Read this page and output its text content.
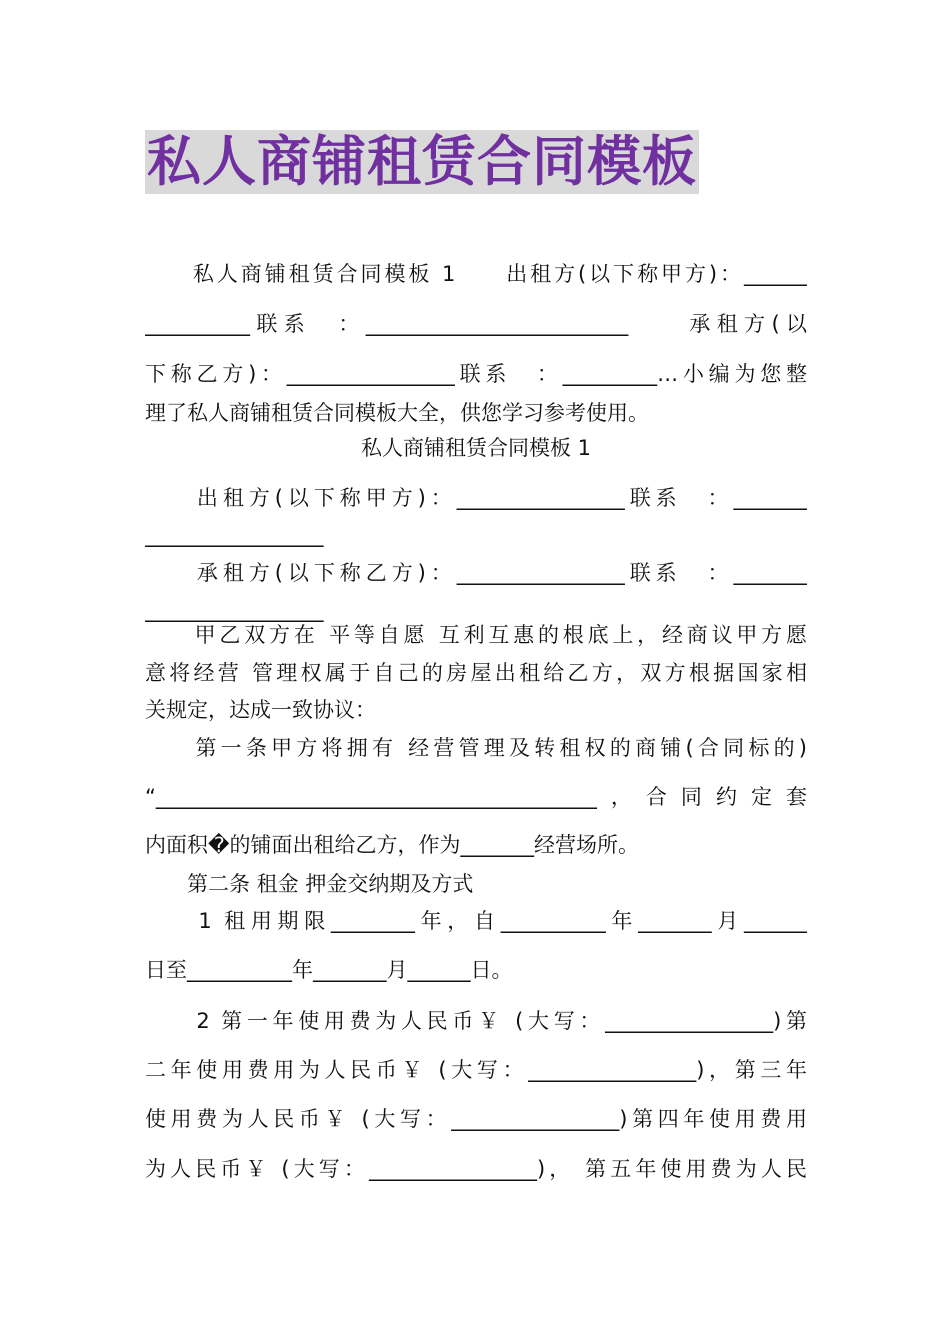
私人商铺租赁合同模板

　　私人商铺租赁合同模板 1　　出租方(以下称甲方)：______

__________联系　：_________________________　　承租方(以

下称乙方)：________________联系　：_________…小编为您整

理了私人商铺租赁合同模板大全，供您学习参考使用。

私人商铺租赁合同模板 1

　　出租方(以下称甲方)：________________联系　：_______

_________________

　　承租方(以下称乙方)：________________联系　：_______

_________________

　　甲乙双方在 平等自愿 互利互惠的根底上，经商议甲方愿

意将经营 管理权属于自己的房屋出租给乙方，双方根据国家相

关规定，达成一致协议：

　　第一条甲方将拥有 经营管理及转租权的商铺(合同标的)

“__________________________________________，合同约定套

内面积�的铺面出租给乙方，作为_______经营场所。

　　第二条 租金 押金交纳期及方式

　　1 租用期限________年，自__________年_______月______

日至__________年_______月______日。

　　2 第一年使用费为人民币￥ (大写：________________)第

二年使用费用为人民币￥ (大写：________________)，第三年

使用费为人民币￥ (大写：________________)第四年使用费用

为人民币￥ (大写：________________)， 第五年使用费为人民
